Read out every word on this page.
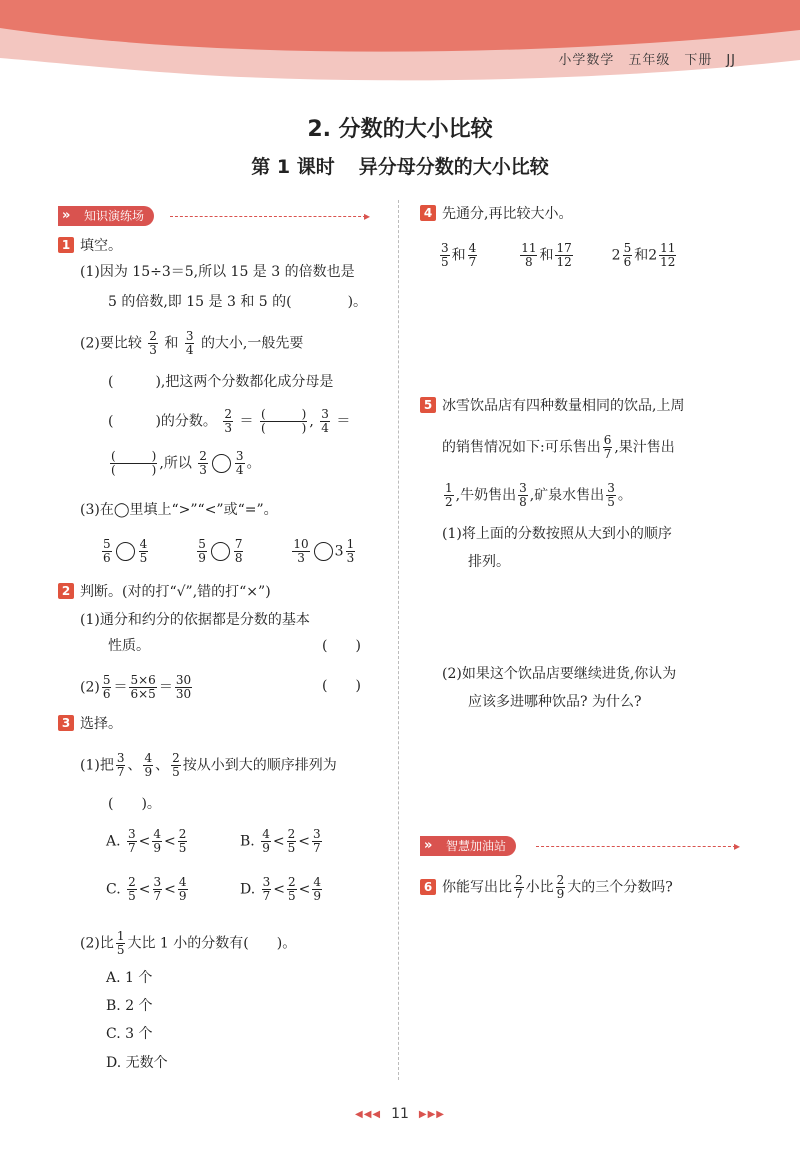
小学数学　五年级　下册　JJ
2. 分数的大小比较
第 1 课时 异分母分数的大小比较
» 知识演练场	▸
1 填空。
(1)因为 15÷3＝5,所以 15 是 3 的倍数也是
5 的倍数,即 15 是 3 和 5 的(　　　　)。
(2)要比较 $\frac{2}{3}$ 和 $\frac{3}{4}$ 的大小,一般先要
(　　　),把这两个分数都化成分母是
(　　　)的分数。 $\frac{2}{3} = \frac{( )}{( )}$ , $\frac{3}{4}$ ＝
$\frac{( )}{( )}$ ,所以 $\frac{2}{3} \frac{3}{4}$ 。
(3)在◯里填上“>”“<”或“=”。
$\frac{5}{6} \frac{4}{5}$
	$\frac{5}{9} \frac{7}{8}$
	$\frac{10}{3} 3 \frac{1}{3}$
2 判断。(对的打“√”,错的打“×”)
(1)通分和约分的依据都是分数的基本
性质。	(　　)
$(2) \frac{5}{6} = \frac{5\times 6}{6\times 5} = \frac{30}{30}$	(　　)
3 选择。
(1)把 $\frac{3}{7}$ 、 $\frac{4}{9}$ 、 $\frac{2}{5}$ 按从小到大的顺序排列为
(　　)。
A. $\frac{3}{7} < \frac{4}{9} < \frac{2}{5}$	B. $\frac{4}{9} < \frac{2}{5} < \frac{3}{7}$
C. $\frac{2}{5} < \frac{3}{7} < \frac{4}{9}$	D. $\frac{3}{7} < \frac{2}{5} < \frac{4}{9}$
(2)比 $\frac{1}{5}$ 大比 1 小的分数有(　　)。
A. 1 个
B. 2 个
C. 3 个
D. 无数个
4 先通分,再比较大小。
$\frac{3}{5}$ 和 $\frac{4}{7}$
	$\frac{11}{8}$ 和 $\frac{17}{12}$	$2 \frac{5}{6}$ 和$2 \frac{11}{12}$
5 冰雪饮品店有四种数量相同的饮品,上周
的销售情况如下:可乐售出 $\frac{6}{7}$ ,果汁售出
$\frac{1}{2}$ ,牛奶售出 $\frac{3}{8}$ ,矿泉水售出 $\frac{3}{5}$ 。
(1)将上面的分数按照从大到小的顺序
排列。
(2)如果这个饮品店要继续进货,你认为
应该多进哪种饮品? 为什么?
» 智慧加油站	▸
6 你能写出比 $\frac{2}{7}$ 小比 $\frac{2}{9}$ 大的三个分数吗?
◀◀◀ 11 ▶▶▶
